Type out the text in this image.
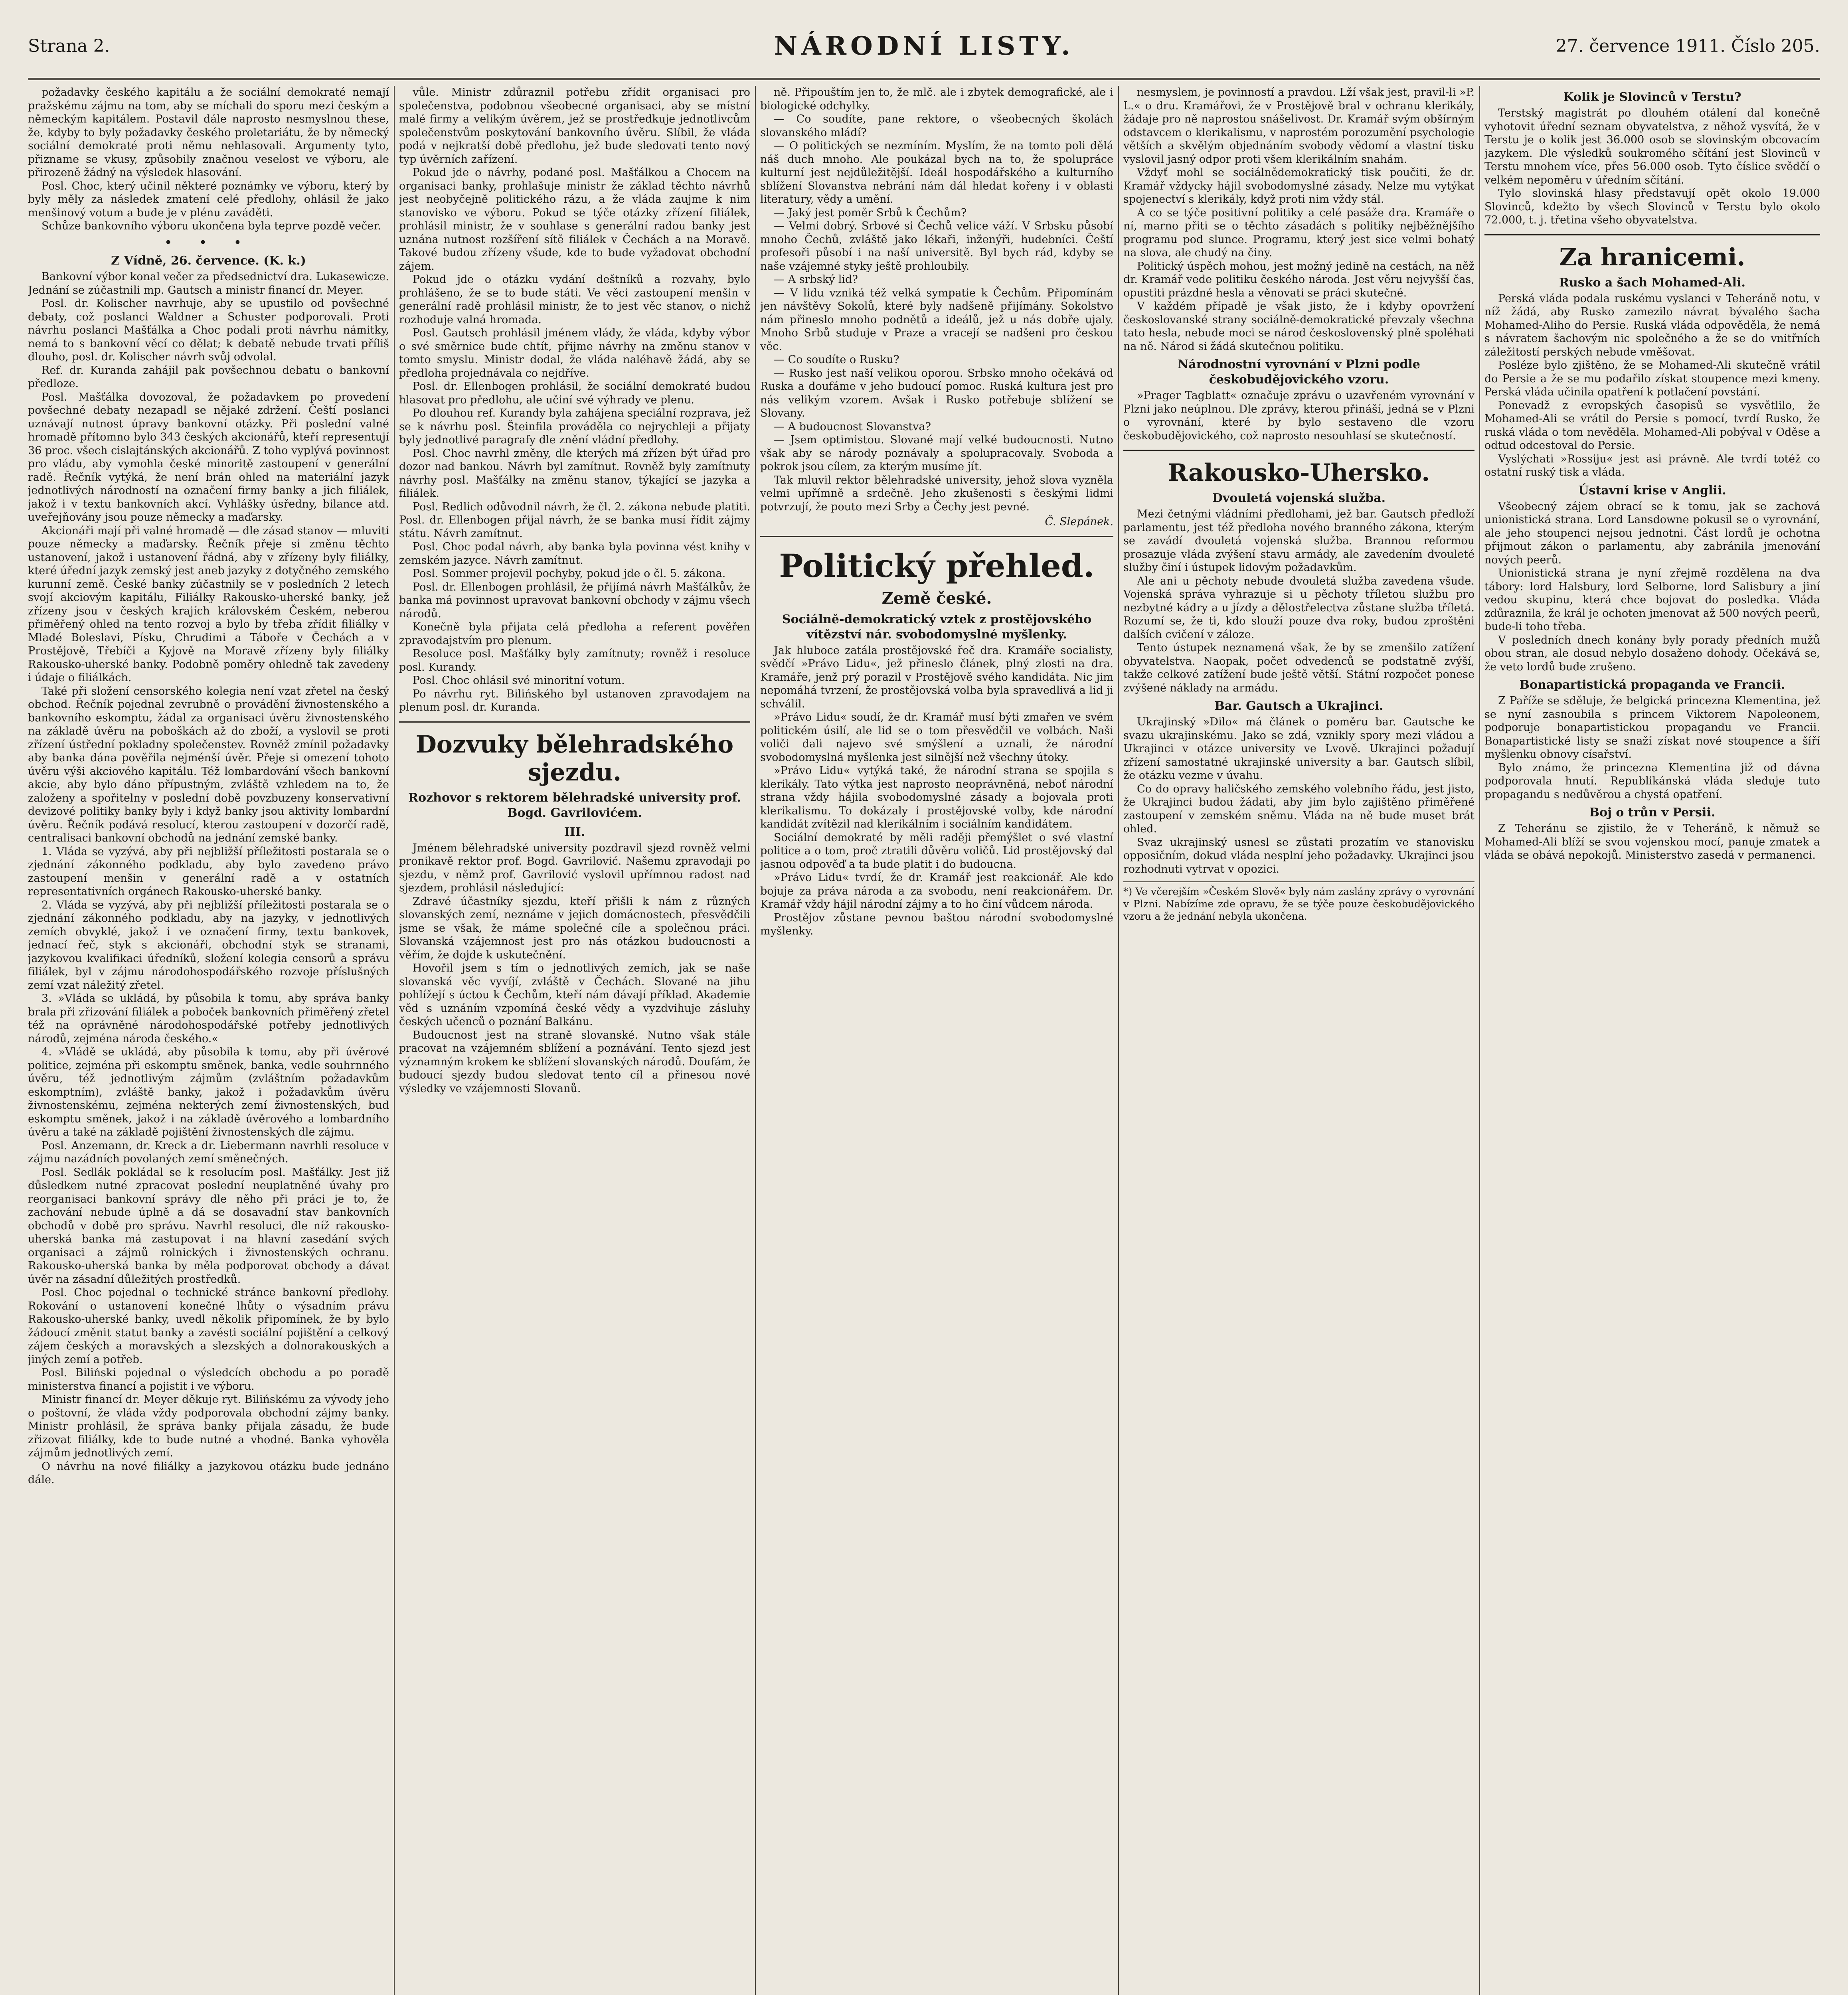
Strana 2.	NÁRODNÍ LISTY.	27. července 1911. Číslo 205.

požadavky českého kapitálu a že sociální demokraté nemají pražskému zájmu na tom, aby se míchali do sporu mezi českým a německým kapitálem. Postavil dále naprosto nesmyslnou these, že, kdyby to byly požadavky českého proletariátu, že by německý sociální demokraté proti němu nehlasovali. Argumenty tyto, přizname se vkusy, způsobily značnou veselost ve výboru, ale přirozeně žádný na výsledek hlasování.

Posl. Choc, který učinil některé poznámky ve výboru, který by byly měly za následek zmatení celé předlohy, ohlásil že jako menšinový votum a bude je v plénu zaváděti.

Schůze bankovního výboru ukončena byla teprve pozdě večer.

• • •
Z Vídně, 26. července. (K. k.)

Bankovní výbor konal večer za předsednictví dra. Lukasewicze. Jednání se zúčastnili mp. Gautsch a ministr financí dr. Meyer.

Posl. dr. Kolischer navrhuje, aby se upustilo od povšechné debaty, což poslanci Waldner a Schuster podporovali. Proti návrhu poslanci Mašťálka a Choc podali proti návrhu námitky, nemá to s bankovní věcí co dělat; k debatě nebude trvati příliš dlouho, posl. dr. Kolischer návrh svůj odvolal.

Ref. dr. Kuranda zahájil pak povšechnou debatu o bankovní předloze.

Posl. Mašťálka dovozoval, že požadavkem po provedení povšechné debaty nezapadl se nějaké zdržení. Čeští poslanci uznávají nutnost úpravy bankovní otázky. Při poslední valné hromadě přítomno bylo 343 českých akcionářů, kteří representují 36 proc. všech cislajtánských akcionářů. Z toho vyplývá povinnost pro vládu, aby vymohla české minoritě zastoupení v generální radě. Řečník vytýká, že není brán ohled na materiální jazyk jednotlivých národností na označení firmy banky a jich filiálek, jakož i v textu bankovních akcí. Vyhlášky úsředny, bilance atd. uveřejňovány jsou pouze německy a maďarsky.

Akcionáři mají při valné hromadě — dle zásad stanov — mluviti pouze německy a maďarsky. Řečník přeje si změnu těchto ustanovení, jakož i ustanovení řádná, aby v zřízeny byly filiálky, které úřední jazyk zemský jest aneb jazyky z dotyčného zemského kurunní země. České banky zúčastnily se v posledních 2 letech svojí akciovým kapitálu, Filiálky Rakousko-uherské banky, jež zřízeny jsou v českých krajích královském Českém, neberou přiměřený ohled na tento rozvoj a bylo by třeba zřídit filiálky v Mladé Boleslavi, Písku, Chrudimi a Táboře v Čechách a v Prostějově, Třebíči a Kyjově na Moravě zřízeny byly filiálky Rakousko-uherské banky. Podobně poměry ohledně tak zavedeny i údaje o filiálkách.

Také při složení censorského kolegia není vzat zřetel na český obchod. Řečník pojednal zevrubně o provádění živnostenského a bankovního eskomptu, žádal za organisaci úvěru živnostenského na základě úvěru na poboškách až do zboží, a vyslovil se proti zřízení ústřední pokladny společenstev. Rovněž zmínil požadavky aby banka dána pověřila nejménší úvěr. Přeje si omezení tohoto úvěru výši akciového kapitálu. Též lombardování všech bankovní akcie, aby bylo dáno přípustným, zvláště vzhledem na to, že založeny a spořitelny v poslední době povzbuzeny konservativní devizové politiky banky byly i když banky jsou aktivity lombardní úvěru. Řečník podává resolucí, kterou zastoupení v dozorčí radě, centralisaci bankovní obchodů na jednání zemské banky.

1. Vláda se vyzývá, aby při nejbližší příležitosti postarala se o zjednání zákonného podkladu, aby bylo zavedeno právo zastoupení menšin v generální radě a v ostatních representativních orgánech Rakousko-uherské banky.

2. Vláda se vyzývá, aby při nejbližší příležitosti postarala se o zjednání zákonného podkladu, aby na jazyky, v jednotlivých zemích obvyklé, jakož i ve označení firmy, textu bankovek, jednací řeč, styk s akcionáři, obchodní styk se stranami, jazykovou kvalifikaci úředníků, složení kolegia censorů a správu filiálek, byl v zájmu národohospodářského rozvoje příslušných zemí vzat náležitý zřetel.

3. »Vláda se ukládá, by působila k tomu, aby správa banky brala při zřizování filiálek a poboček bankovních přiměřený zřetel též na oprávněné národohospodářské potřeby jednotlivých národů, zejména národa českého.«

4. »Vládě se ukládá, aby působila k tomu, aby při úvěrové politice, zejména při eskomptu směnek, banka, vedle souhrnného úvěru, též jednotlivým zájmům (zvláštním požadavkům eskomptním), zvláště banky, jakož i požadavkům úvěru živnostenskému, zejména nekterých zemí živnostenských, buď eskomptu směnek, jakož i na základě úvěrového a lombardního úvěru a také na základě pojištění živnostenských dle zájmu.

Posl. Anzemann, dr. Kreck a dr. Liebermann navrhli resoluce v zájmu nazádních povolaných zemí směnečných.

Posl. Sedlák pokládal se k resolucím posl. Mašťálky. Jest již důsledkem nutné zpracovat poslední neuplatněné úvahy pro reorganisaci bankovní správy dle něho při práci je to, že zachování nebude úplně a dá se dosavadní stav bankovních obchodů v době pro správu. Navrhl resoluci, dle níž rakousko-uherská banka má zastupovat i na hlavní zasedání svých organisaci a zájmů rolnických i živnostenských ochranu. Rakousko-uherská banka by měla podporovat obchody a dávat úvěr na zásadní důležitých prostředků.

Posl. Choc pojednal o technické stránce bankovní předlohy. Rokování o ustanovení konečné lhůty o výsadním právu Rakousko-uherské banky, uvedl několik připomínek, že by bylo žádoucí změnit statut banky a zavésti sociální pojištění a celkový zájem českých a moravských a slezských a dolnorakouských a jiných zemí a potřeb.

Posl. Biliński pojednal o výsledcích obchodu a po poradě ministerstva financí a pojistit i ve výboru.

Ministr financí dr. Meyer děkuje ryt. Bilińskému za vývody jeho o poštovní, že vláda vždy podporovala obchodní zájmy banky. Ministr prohlásil, že správa banky přijala zásadu, že bude zřizovat filiálky, kde to bude nutné a vhodné. Banka vyhověla zájmům jednotlivých zemí.

O návrhu na nové filiálky a jazykovou otázku bude jednáno dále.

vůle. Ministr zdůraznil potřebu zřídit organisaci pro společenstva, podobnou všeobecné organisaci, aby se místní malé firmy a velikým úvěrem, jež se prostředkuje jednotlivcům společenstvům poskytování bankovního úvěru. Slíbil, že vláda podá v nejkratší době předlohu, jež bude sledovati tento nový typ úvěrních zařízení.

Pokud jde o návrhy, podané posl. Mašťálkou a Chocem na organisaci banky, prohlašuje ministr že základ těchto návrhů jest neobyčejně politického rázu, a že vláda zaujme k nim stanovisko ve výboru. Pokud se týče otázky zřízení filiálek, prohlásil ministr, že v souhlase s generální radou banky jest uznána nutnost rozšíření sítě filiálek v Čechách a na Moravě. Takové budou zřízeny všude, kde to bude vyžadovat obchodní zájem.

Pokud jde o otázku vydání deštníků a rozvahy, bylo prohlášeno, že se to bude státi. Ve věci zastoupení menšin v generální radě prohlásil ministr, že to jest věc stanov, o nichž rozhoduje valná hromada.

Posl. Gautsch prohlásil jménem vlády, že vláda, kdyby výbor o své směrnice bude chtít, přijme návrhy na změnu stanov v tomto smyslu. Ministr dodal, že vláda naléhavě žádá, aby se předloha projednávala co nejdříve.

Posl. dr. Ellenbogen prohlásil, že sociální demokraté budou hlasovat pro předlohu, ale učiní své výhrady ve plenu.

Po dlouhou ref. Kurandy byla zahájena speciální rozprava, jež se k návrhu posl. Šteinfila prováděla co nejrychleji a přijaty byly jednotlivé paragrafy dle znění vládní předlohy.

Posl. Choc navrhl změny, dle kterých má zřízen být úřad pro dozor nad bankou. Návrh byl zamítnut. Rovněž byly zamítnuty návrhy posl. Mašťálky na změnu stanov, týkající se jazyka a filiálek.

Posl. Redlich odůvodnil návrh, že čl. 2. zákona nebude platiti. Posl. dr. Ellenbogen přijal návrh, že se banka musí řídit zájmy státu. Návrh zamítnut.

Posl. Choc podal návrh, aby banka byla povinna vést knihy v zemském jazyce. Návrh zamítnut.

Posl. Sommer projevil pochyby, pokud jde o čl. 5. zákona.

Posl. dr. Ellenbogen prohlásil, že přijímá návrh Mašťálkův, že banka má povinnost upravovat bankovní obchody v zájmu všech národů.

Konečně byla přijata celá předloha a referent pověřen zpravodajstvím pro plenum.

Resoluce posl. Mašťálky byly zamítnuty; rovněž i resoluce posl. Kurandy.

Posl. Choc ohlásil své minoritní votum.

Po návrhu ryt. Bilińského byl ustanoven zpravodajem na plenum posl. dr. Kuranda.

Dozvuky bělehradského sjezdu.
Rozhovor s rektorem bělehradské university prof. Bogd. Gavrilovićem.
III.

Jménem bělehradské university pozdravil sjezd rovněž velmi pronikavě rektor prof. Bogd. Gavrilović. Našemu zpravodaji po sjezdu, v němž prof. Gavrilović vyslovil upřímnou radost nad sjezdem, prohlásil následující:

Zdravé účastníky sjezdu, kteří přišli k nám z různých slovanských zemí, neznáme v jejich domácnostech, přesvědčili jsme se však, že máme společné cíle a společnou práci. Slovanská vzájemnost jest pro nás otázkou budoucnosti a věřím, že dojde k uskutečnění.

Hovořil jsem s tím o jednotlivých zemích, jak se naše slovanská věc vyvíjí, zvláště v Čechách. Slované na jihu pohlížejí s úctou k Čechům, kteří nám dávají příklad. Akademie věd s uznáním vzpomíná české vědy a vyzdvihuje zásluhy českých učenců o poznání Balkánu.

Budoucnost jest na straně slovanské. Nutno však stále pracovat na vzájemném sblížení a poznávání. Tento sjezd jest významným krokem ke sblížení slovanských národů. Doufám, že budoucí sjezdy budou sledovat tento cíl a přinesou nové výsledky ve vzájemnosti Slovanů.

ně. Připouštím jen to, že mlč. ale i zbytek demografické, ale i biologické odchylky.

— Co soudíte, pane rektore, o všeobecných školách slovanského mládí?

— O politických se nezmíním. Myslím, že na tomto poli dělá náš duch mnoho. Ale poukázal bych na to, že spolupráce kulturní jest nejdůležitější. Ideál hospodářského a kulturního sblížení Slovanstva nebrání nám dál hledat kořeny i v oblasti literatury, vědy a umění.

— Jaký jest poměr Srbů k Čechům?

— Velmi dobrý. Srbové si Čechů velice váží. V Srbsku působí mnoho Čechů, zvláště jako lékaři, inženýři, hudebníci. Čeští profesoři působí i na naší universitě. Byl bych rád, kdyby se naše vzájemné styky ještě prohloubily.

— A srbský lid?

— V lidu vzniká též velká sympatie k Čechům. Připomínám jen návštěvy Sokolů, které byly nadšeně přijímány. Sokolstvo nám přineslo mnoho podnětů a ideálů, jež u nás dobře ujaly. Mnoho Srbů studuje v Praze a vracejí se nadšeni pro českou věc.

— Co soudíte o Rusku?

— Rusko jest naší velikou oporou. Srbsko mnoho očekává od Ruska a doufáme v jeho budoucí pomoc. Ruská kultura jest pro nás velikým vzorem. Avšak i Rusko potřebuje sblížení se Slovany.

— A budoucnost Slovanstva?

— Jsem optimistou. Slované mají velké budoucnosti. Nutno však aby se národy poznávaly a spolupracovaly. Svoboda a pokrok jsou cílem, za kterým musíme jít.

Tak mluvil rektor bělehradské university, jehož slova vyzněla velmi upřímně a srdečně. Jeho zkušenosti s českými lidmi potvrzují, že pouto mezi Srby a Čechy jest pevné.

Č. Slepánek.
Politický přehled.
Země české.
Sociálně-demokratický vztek z prostějovského vítězství nár. svobodomyslné myšlenky.

Jak hluboce zatála prostějovské řeč dra. Kramáře socialisty, svědčí »Právo Lidu«, jež přineslo článek, plný zlosti na dra. Kramáře, jenž prý porazil v Prostějově svého kandidáta. Nic jim nepomáhá tvrzení, že prostějovská volba byla spravedlivá a lid ji schválil.

»Právo Lidu« soudí, že dr. Kramář musí býti zmařen ve svém politickém úsilí, ale lid se o tom přesvědčil ve volbách. Naši voliči dali najevo své smýšlení a uznali, že národní svobodomyslná myšlenka jest silnější než všechny útoky.

»Právo Lidu« vytýká také, že národní strana se spojila s klerikály. Tato výtka jest naprosto neoprávněná, neboť národní strana vždy hájila svobodomyslné zásady a bojovala proti klerikalismu. To dokázaly i prostějovské volby, kde národní kandidát zvítězil nad klerikálním i sociálním kandidátem.

Sociální demokraté by měli raději přemýšlet o své vlastní politice a o tom, proč ztratili důvěru voličů. Lid prostějovský dal jasnou odpověď a ta bude platit i do budoucna.

»Právo Lidu« tvrdí, že dr. Kramář jest reakcionář. Ale kdo bojuje za práva národa a za svobodu, není reakcionářem. Dr. Kramář vždy hájil národní zájmy a to ho činí vůdcem národa.

Prostějov zůstane pevnou baštou národní svobodomyslné myšlenky.

nesmyslem, je povinností a pravdou. Lží však jest, pravil-li »P. L.« o dru. Kramářovi, že v Prostějově bral v ochranu klerikály, žádaje pro ně naprostou snášelivost. Dr. Kramář svým obšírným odstavcem o klerikalismu, v naprostém porozumění psychologie větších a skvělým objednáním svobody vědomí a vlastní tisku vyslovil jasný odpor proti všem klerikálním snahám.

Vždyť mohl se sociálnědemokratický tisk poučiti, že dr. Kramář vždycky hájil svobodomyslné zásady. Nelze mu vytýkat spojenectví s klerikály, když proti nim vždy stál.

A co se týče positivní politiky a celé pasáže dra. Kramáře o ní, marno přiti se o těchto zásadách s politiky nejběžnějšího programu pod slunce. Programu, který jest sice velmi bohatý na slova, ale chudý na činy.

Politický úspěch mohou, jest možný jedině na cestách, na něž dr. Kramář vede politiku českého národa. Jest věru nejvyšší čas, opustiti prázdné hesla a věnovati se práci skutečné.

V každém případě je však jisto, že i kdyby opovržení českoslovanské strany sociálně-demokratické převzaly všechna tato hesla, nebude moci se národ československý plně spoléhati na ně. Národ si žádá skutečnou politiku.

Národnostní vyrovnání v Plzni podle českobudějovického vzoru.

»Prager Tagblatt« označuje zprávu o uzavřeném vyrovnání v Plzni jako neúplnou. Dle zprávy, kterou přináší, jedná se v Plzni o vyrovnání, které by bylo sestaveno dle vzoru českobudějovického, což naprosto nesouhlasí se skutečností.

Rakousko-Uhersko.
Dvouletá vojenská služba.

Mezi četnými vládními předlohami, jež bar. Gautsch předloží parlamentu, jest též předloha nového branného zákona, kterým se zavádí dvouletá vojenská služba. Brannou reformou prosazuje vláda zvýšení stavu armády, ale zavedením dvouleté služby činí i ústupek lidovým požadavkům.

Ale ani u pěchoty nebude dvouletá služba zavedena všude. Vojenská správa vyhrazuje si u pěchoty tříletou službu pro nezbytné kádry a u jízdy a dělostřelectva zůstane služba tříletá. Rozumí se, že ti, kdo slouží pouze dva roky, budou zproštěni dalších cvičení v záloze.

Tento ústupek neznamená však, že by se zmenšilo zatížení obyvatelstva. Naopak, počet odvedenců se podstatně zvýší, takže celkové zatížení bude ještě větší. Státní rozpočet ponese zvýšené náklady na armádu.

Bar. Gautsch a Ukrajinci.

Ukrajinský »Dilo« má článek o poměru bar. Gautsche ke svazu ukrajinskému. Jako se zdá, vznikly spory mezi vládou a Ukrajinci v otázce university ve Lvově. Ukrajinci požadují zřízení samostatné ukrajinské university a bar. Gautsch slíbil, že otázku vezme v úvahu.

Co do opravy haličského zemského volebního řádu, jest jisto, že Ukrajinci budou žádati, aby jim bylo zajištěno přiměřené zastoupení v zemském sněmu. Vláda na ně bude muset brát ohled.

Svaz ukrajinský usnesl se zůstati prozatím ve stanovisku opposičním, dokud vláda nesplní jeho požadavky. Ukrajinci jsou rozhodnuti vytrvat v opozici.

*) Ve včerejším »Českém Slově« byly nám zaslány zprávy o vyrovnání v Plzni. Nabízíme zde opravu, že se týče pouze českobudějovického vzoru a že jednání nebyla ukončena.
Kolik je Slovinců v Terstu?

Terstský magistrát po dlouhém otálení dal konečně vyhotovit úřední seznam obyvatelstva, z něhož vysvítá, že v Terstu je o kolik jest 36.000 osob se slovinským obcovacím jazykem. Dle výsledků soukromého sčítání jest Slovinců v Terstu mnohem více, přes 56.000 osob. Tyto číslice svědčí o velkém nepoměru v úředním sčítání.

Tylo slovinská hlasy představují opět okolo 19.000 Slovinců, kdežto by všech Slovinců v Terstu bylo okolo 72.000, t. j. třetina všeho obyvatelstva.

Za hranicemi.
Rusko a šach Mohamed-Ali.

Perská vláda podala ruskému vyslanci v Teheráně notu, v níž žádá, aby Rusko zamezilo návrat bývalého šacha Mohamed-Aliho do Persie. Ruská vláda odpověděla, že nemá s návratem šachovým nic společného a že se do vnitřních záležitostí perských nebude vměšovat.

Posléze bylo zjištěno, že se Mohamed-Ali skutečně vrátil do Persie a že se mu podařilo získat stoupence mezi kmeny. Perská vláda učinila opatření k potlačení povstání.

Ponevadž z evropských časopisů se vysvětlilo, že Mohamed-Ali se vrátil do Persie s pomocí, tvrdí Rusko, že ruská vláda o tom nevěděla. Mohamed-Ali pobýval v Oděse a odtud odcestoval do Persie.

Vyslýchati »Rossiju« jest asi právně. Ale tvrdí totéž co ostatní ruský tisk a vláda.

Ústavní krise v Anglii.

Všeobecný zájem obrací se k tomu, jak se zachová unionistická strana. Lord Lansdowne pokusil se o vyrovnání, ale jeho stoupenci nejsou jednotni. Část lordů je ochotna přijmout zákon o parlamentu, aby zabránila jmenování nových peerů.

Unionistická strana je nyní zřejmě rozdělena na dva tábory: lord Halsbury, lord Selborne, lord Salisbury a jiní vedou skupinu, která chce bojovat do posledka. Vláda zdůraznila, že král je ochoten jmenovat až 500 nových peerů, bude-li toho třeba.

V posledních dnech konány byly porady předních mužů obou stran, ale dosud nebylo dosaženo dohody. Očekává se, že veto lordů bude zrušeno.

Bonapartistická propaganda ve Francii.

Z Paříže se sděluje, že belgická princezna Klementina, jež se nyní zasnoubila s princem Viktorem Napoleonem, podporuje bonapartistickou propagandu ve Francii. Bonapartistické listy se snaží získat nové stoupence a šíří myšlenku obnovy císařství.

Bylo známo, že princezna Klementina již od dávna podporovala hnutí. Republikánská vláda sleduje tuto propagandu s nedůvěrou a chystá opatření.

Boj o trůn v Persii.

Z Teheránu se zjistilo, že v Teheráně, k němuž se Mohamed-Ali blíží se svou vojenskou mocí, panuje zmatek a vláda se obává nepokojů. Ministerstvo zasedá v permanenci.
